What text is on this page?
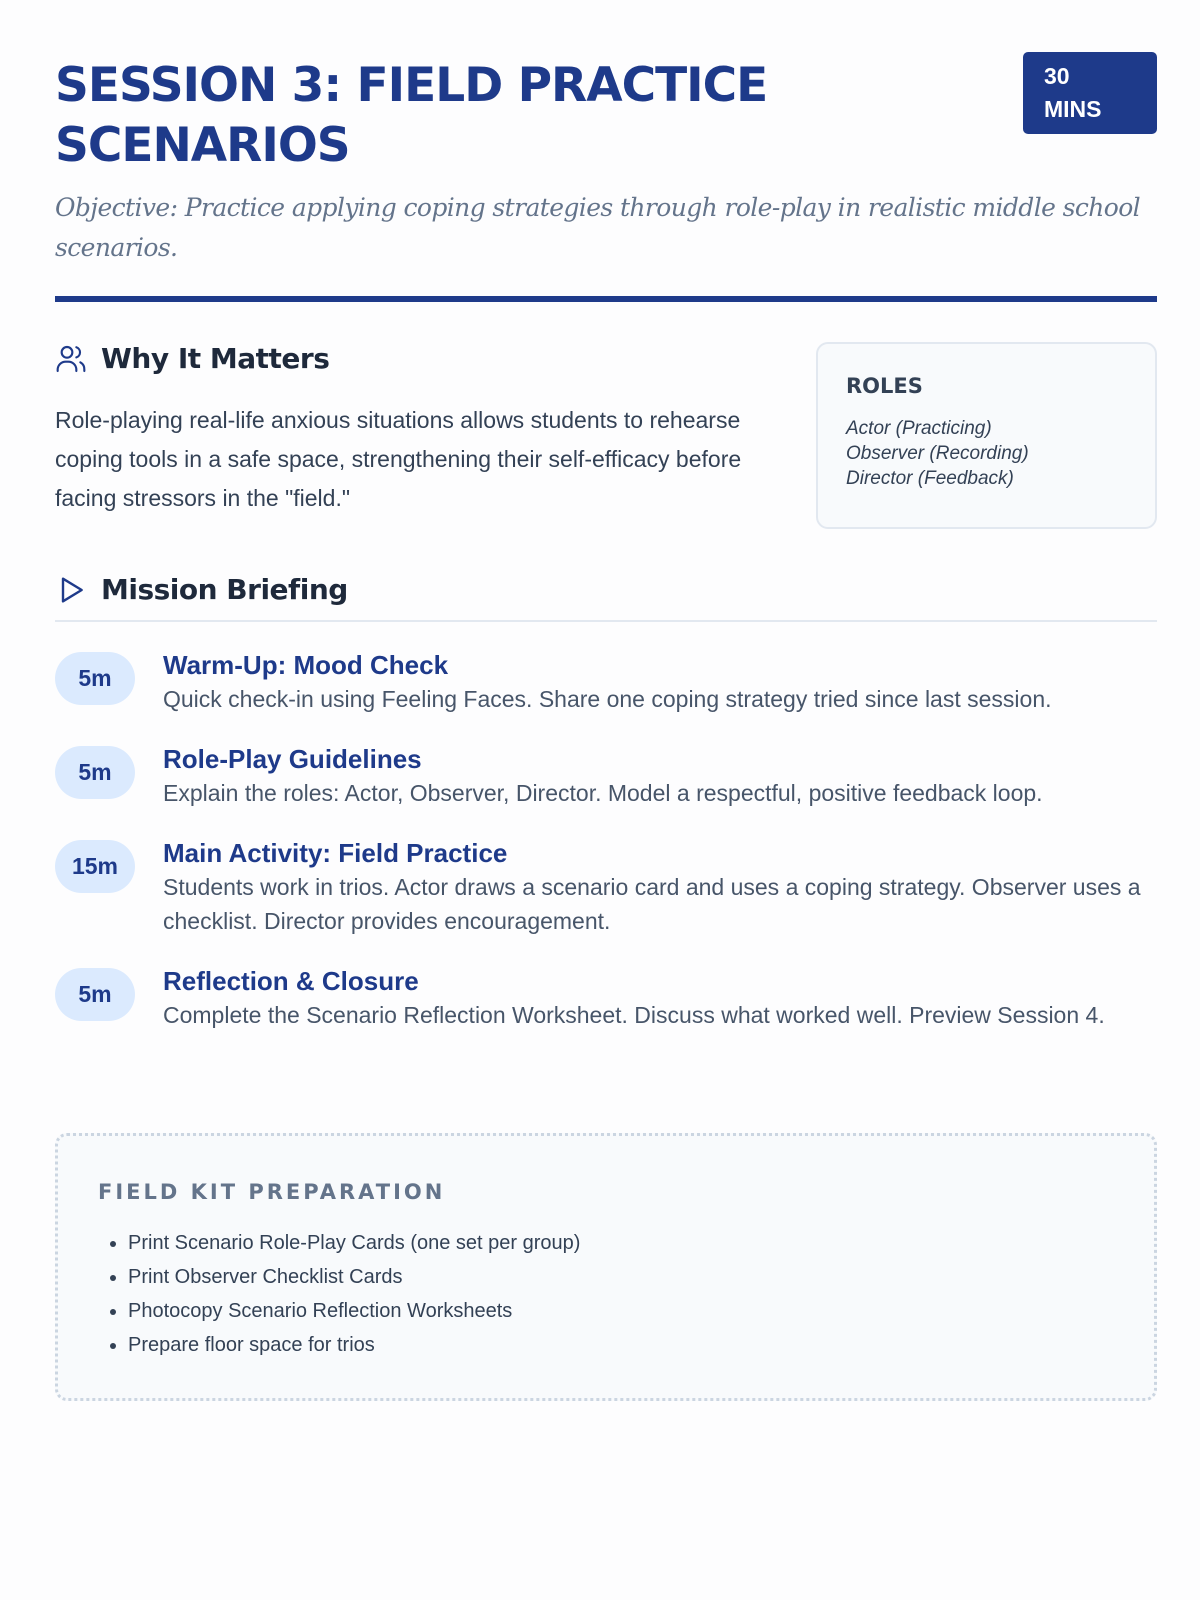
SESSION 3: FIELD PRACTICE SCENARIOS
30 MINS

Objective: Practice applying coping strategies through role-play in realistic middle school scenarios.

Why It Matters

Role-playing real-life anxious situations allows students to rehearse coping tools in a safe space, strengthening their self-efficacy before facing stressors in the "field."

ROLES
Actor (Practicing)
Observer (Recording)
Director (Feedback)
Mission Briefing
5m	Warm-Up: Mood Check
Quick check-in using Feeling Faces. Share one coping strategy tried since last session.
5m	Role-Play Guidelines
Explain the roles: Actor, Observer, Director. Model a respectful, positive feedback loop.
15m	Main Activity: Field Practice
Students work in trios. Actor draws a scenario card and uses a coping strategy. Observer uses a checklist. Director provides encouragement.
5m	Reflection & Closure
Complete the Scenario Reflection Worksheet. Discuss what worked well. Preview Session 4.
FIELD KIT PREPARATION
• Print Scenario Role-Play Cards (one set per group)
• Print Observer Checklist Cards
• Photocopy Scenario Reflection Worksheets
• Prepare floor space for trios
